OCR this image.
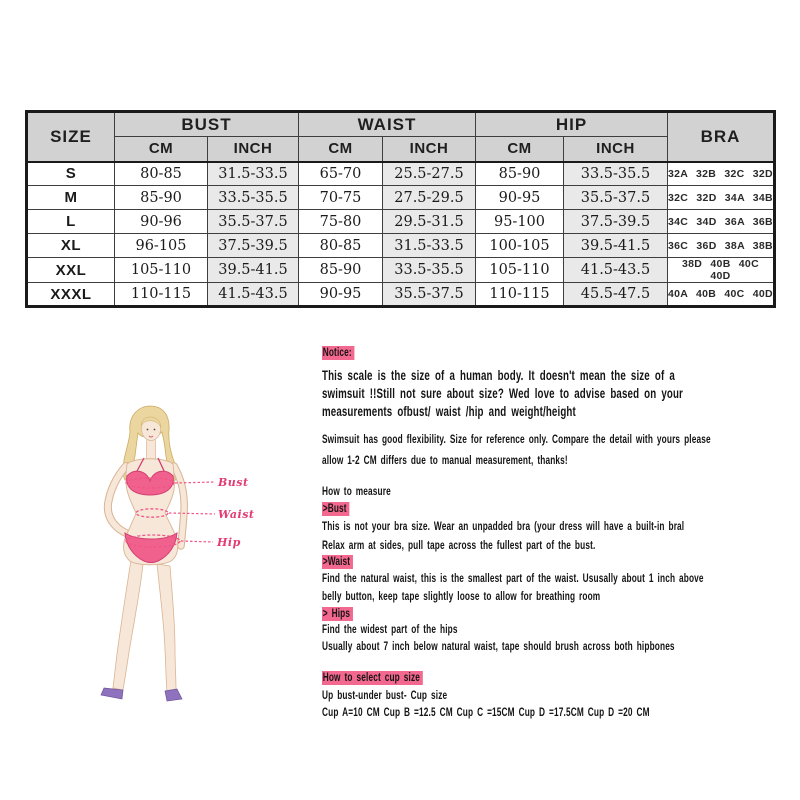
SIZE	BUST		WAIST		HIP		BRA
	CM	INCH	CM	INCH	CM	INCH	
S	80-85	31.5-33.5	65-70	25.5-27.5	85-90	33.5-35.5	32A 32B 32C 32D
M	85-90	33.5-35.5	70-75	27.5-29.5	90-95	35.5-37.5	32C 32D 34A 34B
L	90-96	35.5-37.5	75-80	29.5-31.5	95-100	37.5-39.5	34C 34D 36A 36B
XL	96-105	37.5-39.5	80-85	31.5-33.5	100-105	39.5-41.5	36C 36D 38A 38B
XXL	105-110	39.5-41.5	85-90	33.5-35.5	105-110	41.5-43.5	38D 40B 40C 40D
XXXL	110-115	41.5-43.5	90-95	35.5-37.5	110-115	45.5-47.5	40A 40B 40C 40D
Bust
Waist
Hip
Notice:
This scale is the size of a human body. It doesn't mean the size of a
swimsuit !!Still not sure about size? Wed love to advise based on your
measurements ofbust/ waist /hip and weight/height
Swimsuit has good flexibility. Size for reference only. Compare the detail with yours please
allow 1-2 CM differs due to manual measurement, thanks!
How to measure
>Bust
This is not your bra size. Wear an unpadded bra (your dress will have a built-in bral
Relax arm at sides, pull tape across the fullest part of the bust.
>Waist
Find the natural waist, this is the smallest part of the waist. Ususally about 1 inch above
belly button, keep tape slightly loose to allow for breathing room
> Hips
Find the widest part of the hips
Usually about 7 inch below natural waist, tape should brush across both hipbones
How to select cup size
Up bust-under bust- Cup size
Cup A=10 CM Cup B =12.5 CM Cup C =15CM Cup D =17.5CM Cup D =20 CM
